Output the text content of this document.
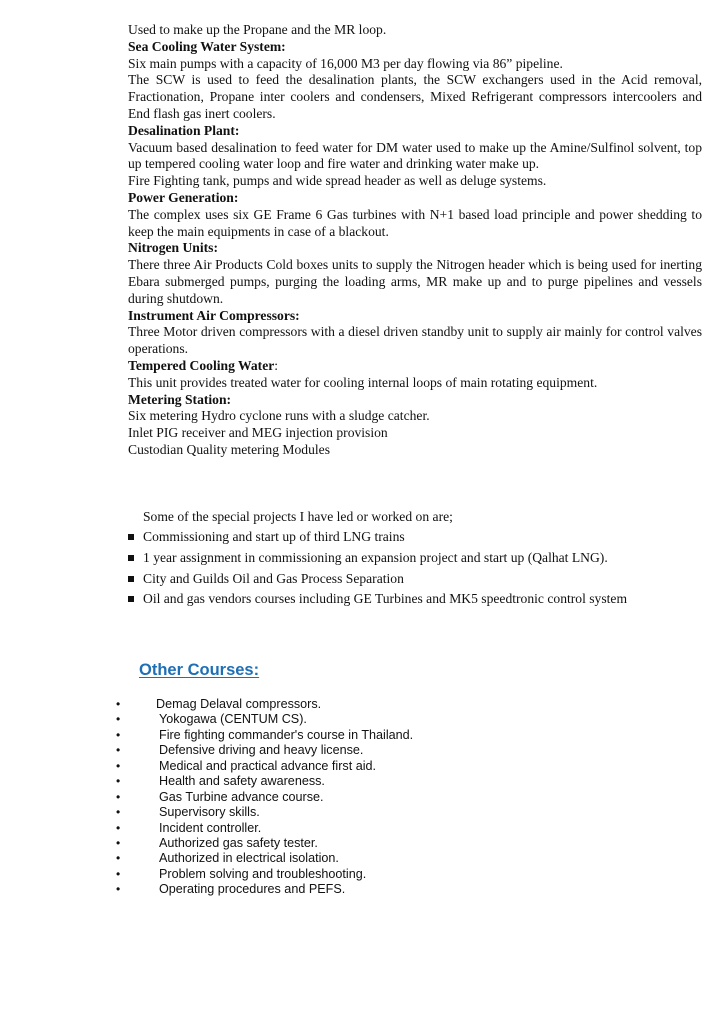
Used to make up the Propane and the MR loop.

Sea Cooling Water System:

Six main pumps with a capacity of 16,000 M3 per day flowing via 86” pipeline.

The SCW is used to feed the desalination plants, the SCW exchangers used in the Acid removal, Fractionation, Propane inter coolers and condensers, Mixed Refrigerant compressors intercoolers and End flash gas inert coolers.

Desalination Plant:

Vacuum based desalination to feed water for DM water used to make up the Amine/Sulfinol solvent, top up tempered cooling water loop and fire water and drinking water make up.

Fire Fighting tank, pumps and wide spread header as well as deluge systems.

Power Generation:

The complex uses six GE Frame 6 Gas turbines with N+1 based load principle and power shedding to keep the main equipments in case of a blackout.

Nitrogen Units:

There three Air Products Cold boxes units to supply the Nitrogen header which is being used for inerting Ebara submerged pumps, purging the loading arms, MR make up and to purge pipelines and vessels during shutdown.

Instrument Air Compressors:

Three Motor driven compressors with a diesel driven standby unit to supply air mainly for control valves operations.

Tempered Cooling Water:

This unit provides treated water for cooling internal loops of main rotating equipment.

Metering Station:

Six metering Hydro cyclone runs with a sludge catcher.

Inlet PIG receiver and MEG injection provision

Custodian Quality metering Modules

Some of the special projects I have led or worked on are;
Commissioning and start up of third LNG trains
1 year assignment in commissioning an expansion project and start up (Qalhat LNG).
City and Guilds Oil and Gas Process Separation
Oil and gas vendors courses including GE Turbines and MK5 speedtronic control system
Other Courses:
•	Demag Delaval compressors.
•	Yokogawa (CENTUM CS).
•	Fire fighting commander's course in Thailand.
•	Defensive driving and heavy license.
•	Medical and practical advance first aid.
•	Health and safety awareness.
•	Gas Turbine advance course.
•	Supervisory skills.
•	Incident controller.
•	Authorized gas safety tester.
•	Authorized in electrical isolation.
•	Problem solving and troubleshooting.
•	Operating procedures and PEFS.
